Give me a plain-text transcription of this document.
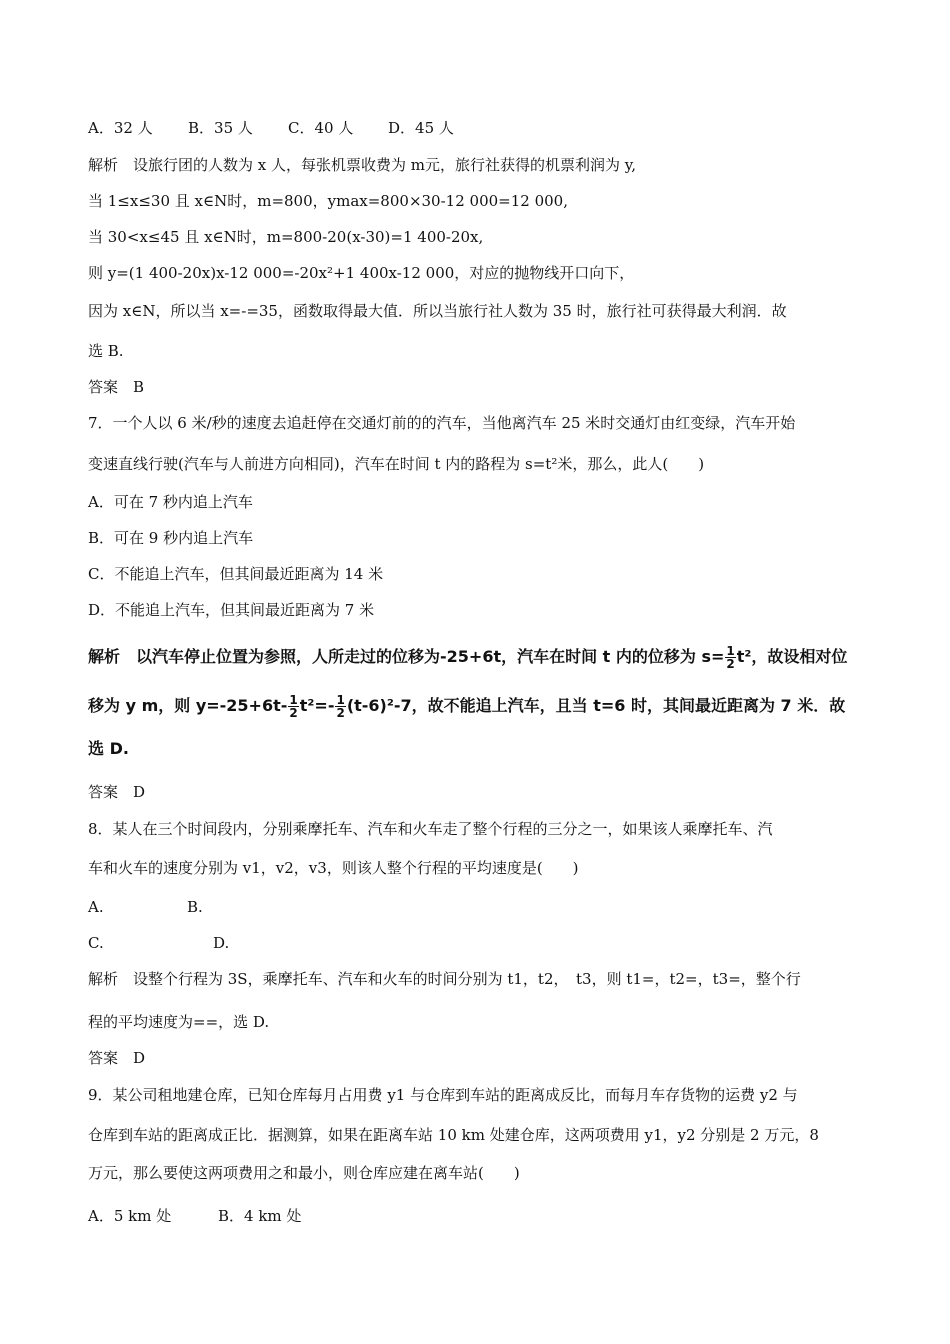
A．32 人 B．35 人 C．40 人 D．45 人
解析　设旅行团的人数为 x 人，每张机票收费为 m元，旅行社获得的机票利润为 y,
当 1≤x≤30 且 x∈N时，m=800，ymax=800×30-12 000=12 000,
当 30<x≤45 且 x∈N时，m=800-20(x-30)=1 400-20x,
则 y=(1 400-20x)x-12 000=-20x²+1 400x-12 000，对应的抛物线开口向下，
因为 x∈N，所以当 x=-=35，函数取得最大值．所以当旅行社人数为 35 时，旅行社可获得最大利润．故
选 B.
答案　B
7．一个人以 6 米/秒的速度去追赶停在交通灯前的的汽车，当他离汽车 25 米时交通灯由红变绿，汽车开始
变速直线行驶(汽车与人前进方向相同)，汽车在时间 t 内的路程为 s=t²米，那么，此人(　　)
A．可在 7 秒内追上汽车
B．可在 9 秒内追上汽车
C．不能追上汽车，但其间最近距离为 14 米
D．不能追上汽车，但其间最近距离为 7 米
解析　以汽车停止位置为参照，人所走过的位移为-25+6t，汽车在时间 t 内的位移为 $s= \frac{1}{2} t^2$，故设相对位
移为 y m，则 $y=-25+6t- \frac{1}{2} t^2=- \frac{1}{2} (t-6)^2-7$，故不能追上汽车，且当 t=6 时，其间最近距离为 7 米．故
选 D.
答案　D
8．某人在三个时间段内，分别乘摩托车、汽车和火车走了整个行程的三分之一，如果该人乘摩托车、汽
车和火车的速度分别为 v1，v2，v3，则该人整个行程的平均速度是(　　)
A.	B.
C.	D.
解析　设整个行程为 3S，乘摩托车、汽车和火车的时间分别为 t1，t2，　t3，则 t1=，t2=，t3=，整个行
程的平均速度为==，选 D.
答案　D
9．某公司租地建仓库，已知仓库每月占用费 y1 与仓库到车站的距离成反比，而每月车存货物的运费 y2 与
仓库到车站的距离成正比．据测算，如果在距离车站 10 km 处建仓库，这两项费用 y1，y2 分别是 2 万元，8
万元，那么要使这两项费用之和最小，则仓库应建在离车站(　　)
A．5 km 处	B．4 km 处
